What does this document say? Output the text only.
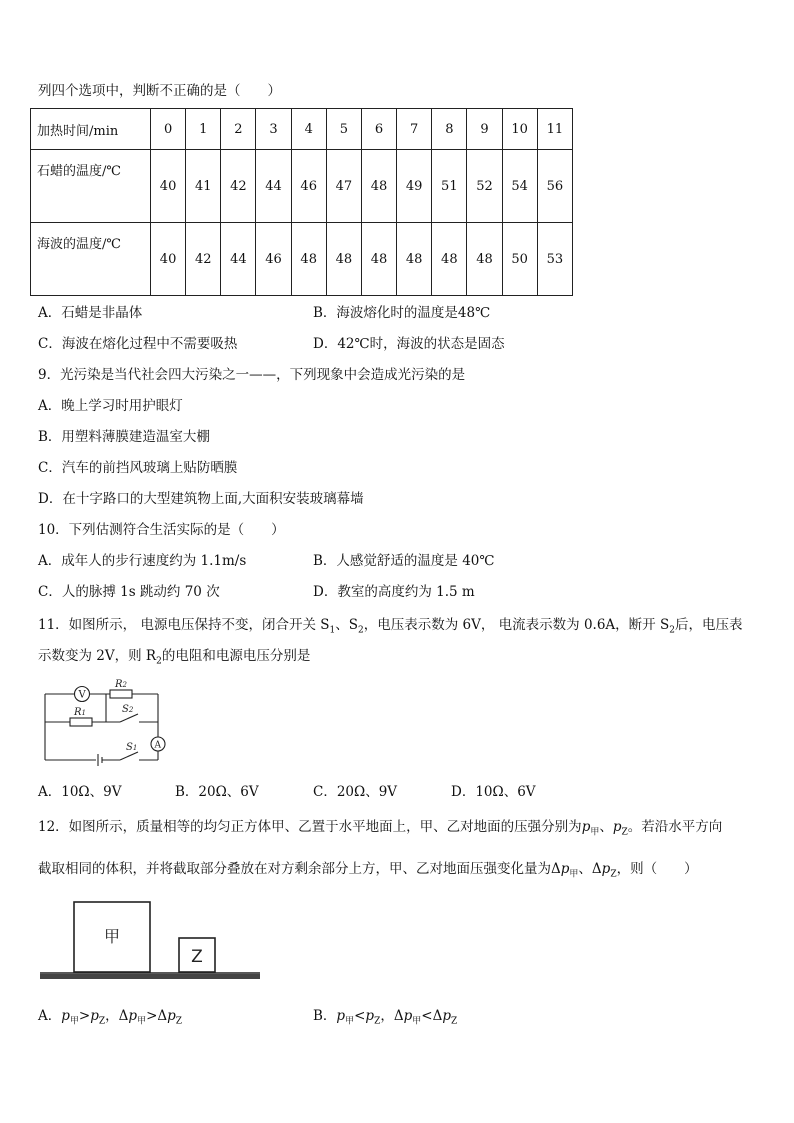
列四个选项中，判断不正确的是（　　）
加热时间/min	0	1	2	3	4	5	6	7	8	9	10	11
石蜡的温度/℃	40	41	42	44	46	47	48	49	51	52	54	56
海波的温度/℃	40	42	44	46	48	48	48	48	48	48	50	53
A．石蜡是非晶体	B．海波熔化时的温度是48℃
C．海波在熔化过程中不需要吸热	D．42℃时，海波的状态是固态
9．光污染是当代社会四大污染之一——，下列现象中会造成光污染的是
A．晚上学习时用护眼灯
B．用塑料薄膜建造温室大棚
C．汽车的前挡风玻璃上贴防晒膜
D．在十字路口的大型建筑物上面,大面积安装玻璃幕墙
10．下列估测符合生活实际的是（　　）
A．成年人的步行速度约为 1.1m/s	B．人感觉舒适的温度是 40℃
C．人的脉搏 1s 跳动约 70 次	D．教室的高度约为 1.5 m
11．如图所示， 电源电压保持不变，闭合开关 $S_1$、$S_2$，电压表示数为 6V， 电流表示数为 0.6A，断开 $S_2$后，电压表
示数变为 2V，则 $R_2$的电阻和电源电压分别是
V
R2
R1	S2
S1 A
A．10Ω、9V	B．20Ω、6V	C．20Ω、9V	D．10Ω、6V
12．如图所示，质量相等的均匀正方体甲、乙置于水平地面上，甲、乙对地面的压强分别为$p_甲$、$p_Z$。若沿水平方向
截取相同的体积，并将截取部分叠放在对方剩余部分上方，甲、乙对地面压强变化量为$\Delta p_甲$、$\Delta p_Z$，则（　　）
甲
Z
A．$p_甲>p_Z$，$\Delta p_甲>\Delta p_Z$	B．$p_甲<p_Z$，$\Delta p_甲<\Delta p_Z$
